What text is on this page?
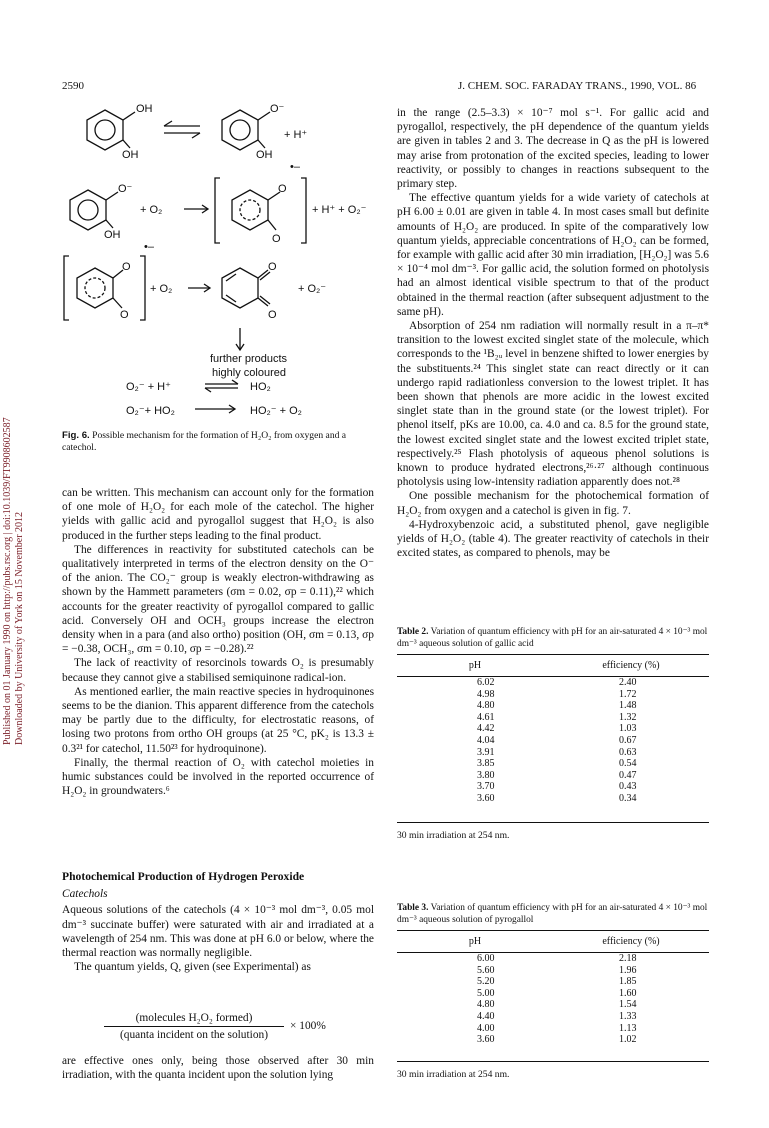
2590	J. CHEM. SOC. FARADAY TRANS., 1990, VOL. 86
Published on 01 January 1990 on http://pubs.rsc.org | doi:10.1039/FT9908602587 Downloaded by University of York on 15 November 2012
OH
OH
O⁻
OH
+ H⁺
O⁻
OH
+ O₂
O
O
•–
+ H⁺ + O₂⁻
•–
O
O
+ O₂
O
O
+ O₂⁻
further products
highly coloured
O₂⁻ + H⁺	HO₂
O₂⁻+ HO₂	HO₂⁻ + O₂
Fig. 6. Possible mechanism for the formation of H₂O₂ from oxygen and a catechol.

can be written. This mechanism can account only for the formation of one mole of H₂O₂ for each mole of the catechol. The higher yields with gallic acid and pyrogallol suggest that H₂O₂ is also produced in the further steps leading to the final product.

The differences in reactivity for substituted catechols can be qualitatively interpreted in terms of the electron density on the O⁻ of the anion. The CO₂⁻ group is weakly electron-withdrawing as shown by the Hammett parameters (σm = 0.02, σp = 0.11),²² which accounts for the greater reactivity of pyrogallol compared to gallic acid. Conversely OH and OCH₃ groups increase the electron density when in a para (and also ortho) position (OH, σm = 0.13, σp = −0.38, OCH₃, σm = 0.10, σp = −0.28).²²

The lack of reactivity of resorcinols towards O₂ is presumably because they cannot give a stabilised semiquinone radical-ion.

As mentioned earlier, the main reactive species in hydroquinones seems to be the dianion. This apparent difference from the catechols may be partly due to the difficulty, for electrostatic reasons, of losing two protons from ortho OH groups (at 25 °C, pK₂ is 13.3 ± 0.3²¹ for catechol, 11.50²³ for hydroquinone).

Finally, the thermal reaction of O₂ with catechol moieties in humic substances could be involved in the reported occurrence of H₂O₂ in groundwaters.⁶

Photochemical Production of Hydrogen Peroxide

Catechols

Aqueous solutions of the catechols (4 × 10⁻³ mol dm⁻³, 0.05 mol dm⁻³ succinate buffer) were saturated with air and irradiated at a wavelength of 254 nm. This was done at pH 6.0 or below, where the thermal reaction was normally negligible.

The quantum yields, Q, given (see Experimental) as

(molecules H₂O₂ formed)
(quanta incident on the solution)
× 100%

are effective ones only, being those observed after 30 min irradiation, with the quanta incident upon the solution lying

in the range (2.5–3.3) × 10⁻⁷ mol s⁻¹. For gallic acid and pyrogallol, respectively, the pH dependence of the quantum yields are given in tables 2 and 3. The decrease in Q as the pH is lowered may arise from protonation of the excited species, leading to lower reactivity, or possibly to changes in reactions subsequent to the primary step.

The effective quantum yields for a wide variety of catechols at pH 6.00 ± 0.01 are given in table 4. In most cases small but definite amounts of H₂O₂ are produced. In spite of the comparatively low quantum yields, appreciable concentrations of H₂O₂ can be formed, for example with gallic acid after 30 min irradiation, [H₂O₂] was 5.6 × 10⁻⁴ mol dm⁻³. For gallic acid, the solution formed on photolysis had an almost identical visible spectrum to that of the product obtained in the thermal reaction (after subsequent adjustment to the same pH).

Absorption of 254 nm radiation will normally result in a π–π* transition to the lowest excited singlet state of the molecule, which corresponds to the ¹B₂ᵤ level in benzene shifted to lower energies by the substituents.²⁴ This singlet state can react directly or it can undergo rapid radiationless conversion to the lowest triplet. It has been shown that phenols are more acidic in the lowest excited singlet state than in the ground state (or the lowest triplet). For phenol itself, pKs are 10.00, ca. 4.0 and ca. 8.5 for the ground state, the lowest excited singlet state and the lowest excited triplet state, respectively.²⁵ Flash photolysis of aqueous phenol solutions is known to produce hydrated electrons,²⁶·²⁷ although continuous photolysis using low-intensity radiation apparently does not.²⁸

One possible mechanism for the photochemical formation of H₂O₂ from oxygen and a catechol is given in fig. 7.

4-Hydroxybenzoic acid, a substituted phenol, gave negligible yields of H₂O₂ (table 4). The greater reactivity of catechols in their excited states, as compared to phenols, may be

Table 2. Variation of quantum efficiency with pH for an air-saturated 4 × 10⁻³ mol dm⁻³ aqueous solution of gallic acid
pH	efficiency (%)
6.02	2.40
4.98	1.72
4.80	1.48
4.61	1.32
4.42	1.03
4.04	0.67
3.91	0.63
3.85	0.54
3.80	0.47
3.70	0.43
3.60	0.34
30 min irradiation at 254 nm.
Table 3. Variation of quantum efficiency with pH for an air-saturated 4 × 10⁻³ mol dm⁻³ aqueous solution of pyrogallol
pH	efficiency (%)
6.00	2.18
5.60	1.96
5.20	1.85
5.00	1.60
4.80	1.54
4.40	1.33
4.00	1.13
3.60	1.02
30 min irradiation at 254 nm.
